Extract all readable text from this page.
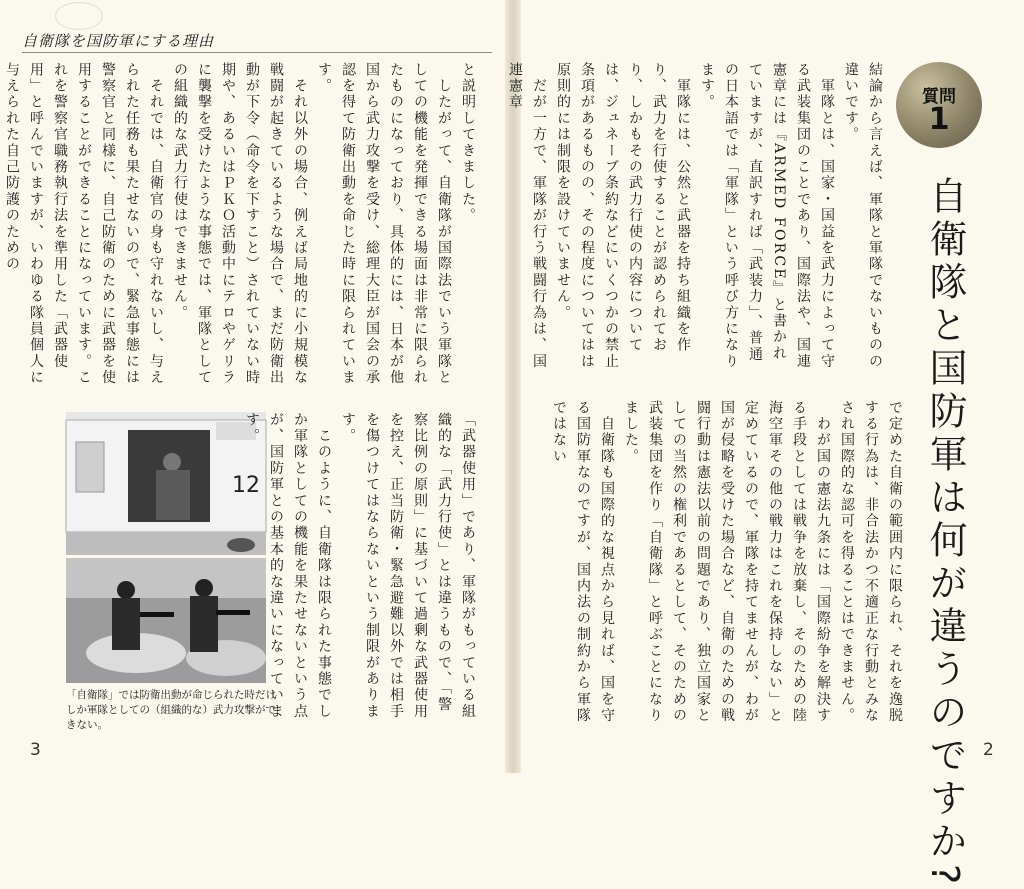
自衛隊を国防軍にする理由
と説明してきました。
　したがって、自衛隊が国際法でいう軍隊としての機能を発揮できる場面は非常に限られたものになっており、具体的には、日本が他国から武力攻撃を受け、総理大臣が国会の承認を得て防衛出動を命じた時に限られています。
　それ以外の場合、例えば局地的に小規模な戦闘が起きているような場合で、まだ防衛出動が下令（命令を下すこと）されていない時期や、あるいはＰＫＯ活動中にテロやゲリラに襲撃を受けたような事態では、軍隊としての組織的な武力行使はできません。
　それでは、自衛官の身も守れないし、与えられた任務も果たせないので、緊急事態には警察官と同様に、自己防衛のために武器を使用することができることになっています。これを警察官職務執行法を準用した「武器使用」と呼んでいますが、いわゆる隊員個人に与えられた自己防護のための
12
「自衛隊」では防衛出動が命じられた時だけしか軍隊としての（組織的な）武力攻撃ができない。
「武器使用」であり、軍隊がもっている組織的な「武力行使」とは違うもので、「警察比例の原則」に基づいて過剰な武器使用を控え、正当防衛・緊急避難以外では相手を傷つけてはならないという制限があります。
　このように、自衛隊は限られた事態でしか軍隊としての機能を果たせないという点が、国防軍との基本的な違いになっています。
3
結論から言えば、軍隊と軍隊でないものの違いです。
　軍隊とは、国家・国益を武力によって守る武装集団のことであり、国際法や、国連憲章には『ARMED FORCE』と書かれていますが、直訳すれば「武装力」、普通の日本語では「軍隊」という呼び方になります。
　軍隊には、公然と武器を持ち組織を作り、武力を行使することが認められており、しかもその武力行使の内容については、ジュネーブ条約などにいくつかの禁止条項があるものの、その程度についてはは原則的には制限を設けていません。
　だが一方で、軍隊が行う戦闘行為は、国連憲章
で定めた自衛の範囲内に限られ、それを逸脱する行為は、非合法かつ不適正な行動とみなされ国際的な認可を得ることはできません。
　わが国の憲法九条には「国際紛争を解決する手段としては戦争を放棄し、そのための陸海空軍その他の戦力はこれを保持しない」と定めているので、軍隊を持てませんが、わが国が侵略を受けた場合など、自衛のための戦闘行動は憲法以前の問題であり、独立国家としての当然の権利であるとして、そのための武装集団を作り「自衛隊」と呼ぶことになりました。
　自衛隊も国際的な視点から見れば、国を守る国防軍なのですが、国内法の制約から軍隊ではない
質問
1
自衛隊と国防軍は何が違うのですか? 2
